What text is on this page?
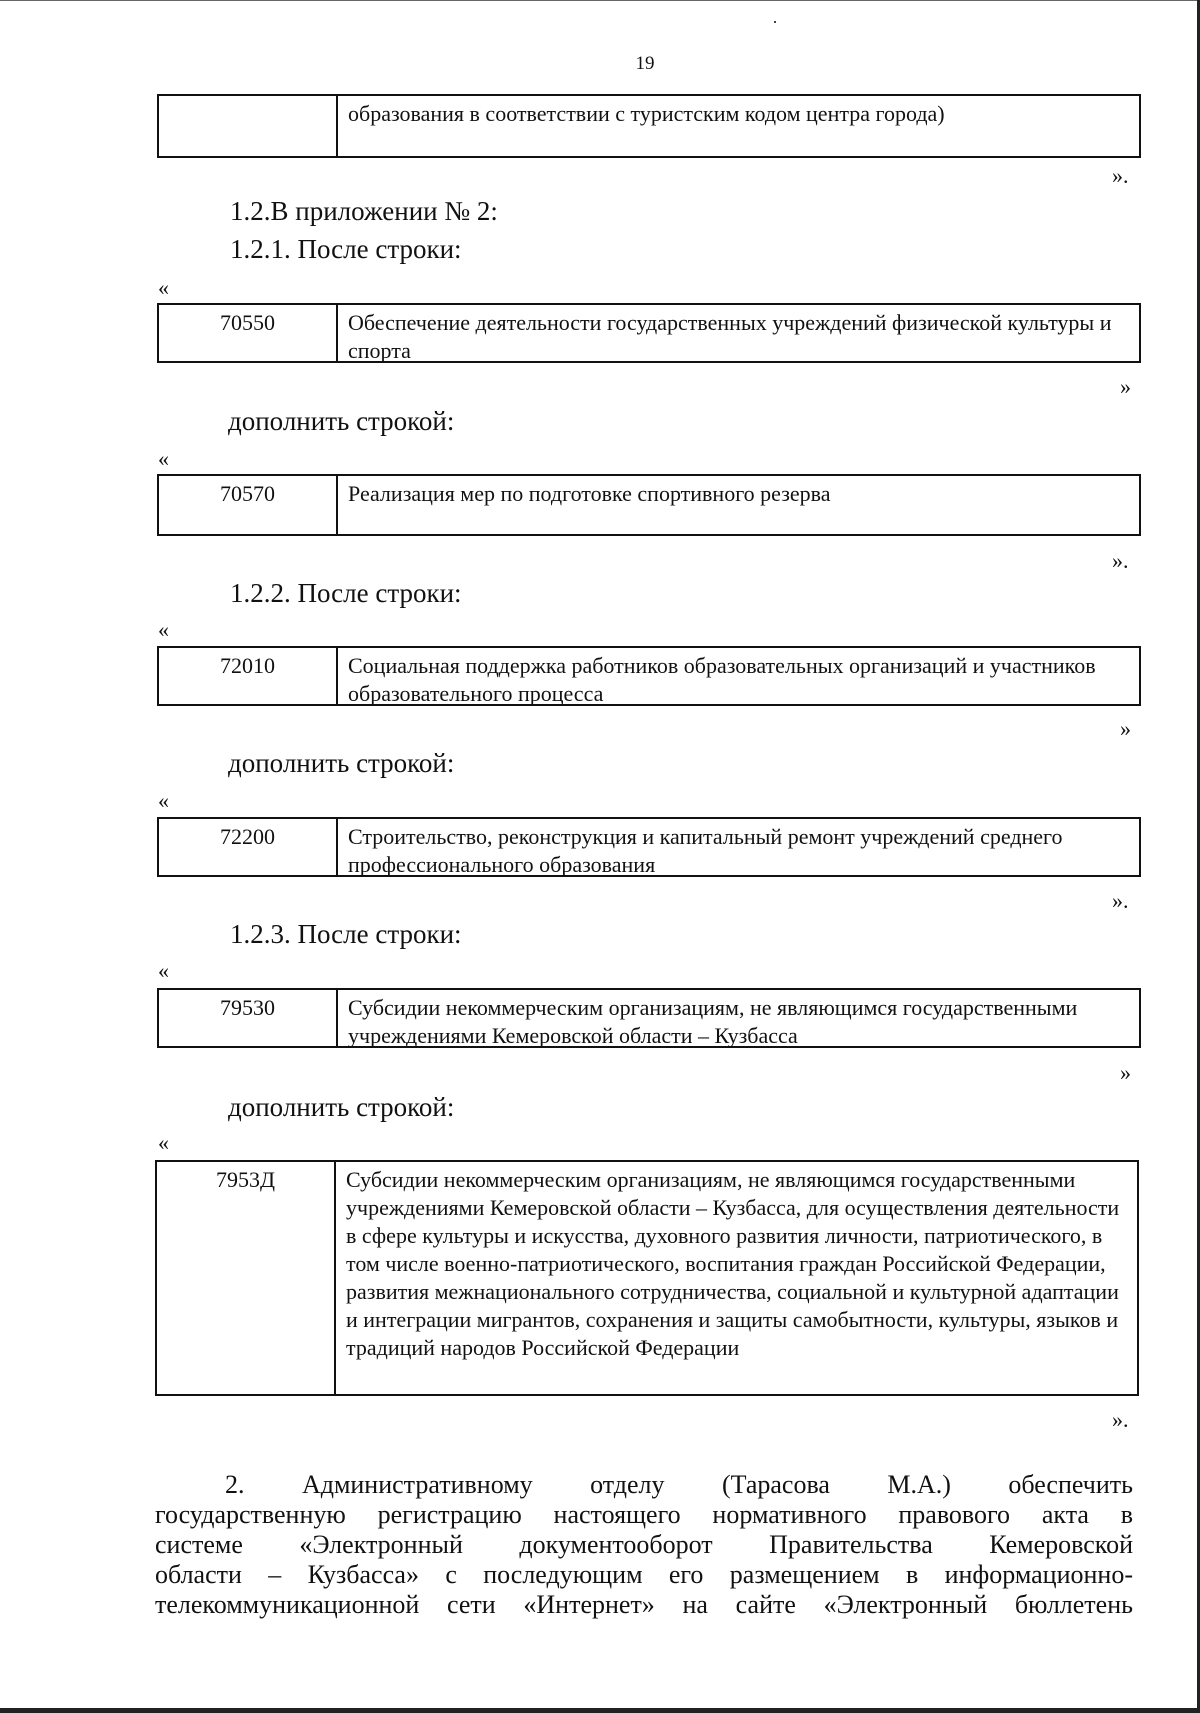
19
образования в соответствии с туристским кодом центра города)
».
1.2.В приложении № 2:
1.2.1. После строки:
«
70550	Обеспечение деятельности государственных учреждений физической культуры и спорта
»
дополнить строкой:
«
70570	Реализация мер по подготовке спортивного резерва
».
1.2.2. После строки:
«
72010	Социальная поддержка работников образовательных организаций и участников образовательного процесса
»
дополнить строкой:
«
72200	Строительство, реконструкция и капитальный ремонт учреждений среднего профессионального образования
».
1.2.3. После строки:
«
79530	Субсидии некоммерческим организациям, не являющимся государственными учреждениями Кемеровской области – Кузбасса
»
дополнить строкой:
«
7953Д	Субсидии некоммерческим организациям, не являющимся государственными учреждениями Кемеровской области – Кузбасса, для осуществления деятельности в сфере культуры и искусства, духовного развития личности, патриотического, в том числе военно-патриотического, воспитания граждан Российской Федерации, развития межнационального сотрудничества, социальной и культурной адаптации и интеграции мигрантов, сохранения и защиты самобытности, культуры, языков и традиций народов Российской Федерации
».
2. Административному отделу (Тарасова М.А.) обеспечить
государственную регистрацию настоящего нормативного правового акта в
системе «Электронный документооборот Правительства Кемеровской
области – Кузбасса» с последующим его размещением в информационно-
телекоммуникационной сети «Интернет» на сайте «Электронный бюллетень
